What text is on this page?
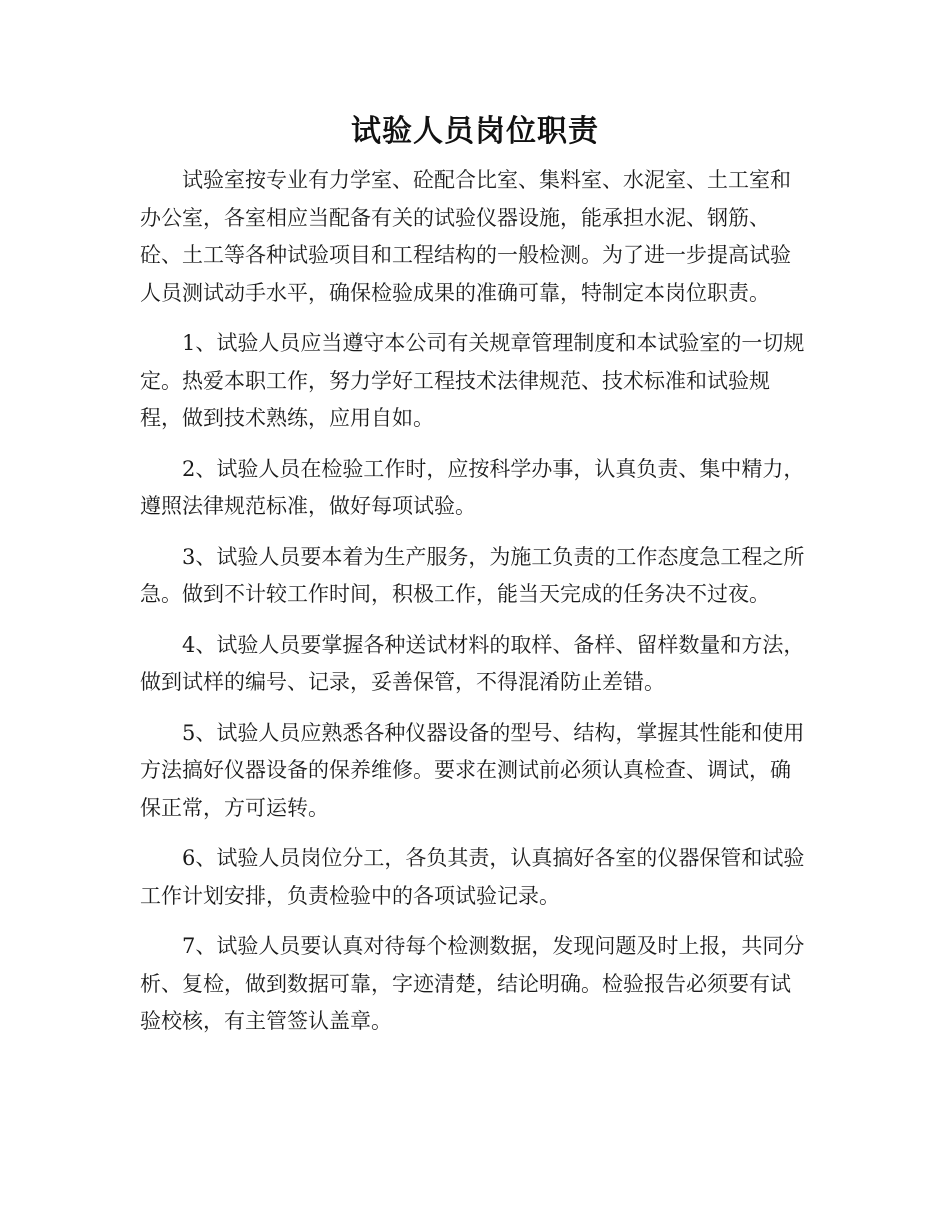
试验人员岗位职责

试验室按专业有力学室、砼配合比室、集料室、水泥室、土工室和办公室，各室相应当配备有关的试验仪器设施，能承担水泥、钢筋、砼、土工等各种试验项目和工程结构的一般检测。为了进一步提高试验人员测试动手水平，确保检验成果的准确可靠，特制定本岗位职责。

1、试验人员应当遵守本公司有关规章管理制度和本试验室的一切规定。热爱本职工作，努力学好工程技术法律规范、技术标准和试验规程，做到技术熟练，应用自如。

2、试验人员在检验工作时，应按科学办事，认真负责、集中精力，遵照法律规范标准，做好每项试验。

3、试验人员要本着为生产服务，为施工负责的工作态度急工程之所急。做到不计较工作时间，积极工作，能当天完成的任务决不过夜。

4、试验人员要掌握各种送试材料的取样、备样、留样数量和方法，做到试样的编号、记录，妥善保管，不得混淆防止差错。

5、试验人员应熟悉各种仪器设备的型号、结构，掌握其性能和使用方法搞好仪器设备的保养维修。要求在测试前必须认真检查、调试，确保正常，方可运转。

6、试验人员岗位分工，各负其责，认真搞好各室的仪器保管和试验工作计划安排，负责检验中的各项试验记录。

7、试验人员要认真对待每个检测数据，发现问题及时上报，共同分析、复检，做到数据可靠，字迹清楚，结论明确。检验报告必须要有试验校核，有主管签认盖章。
